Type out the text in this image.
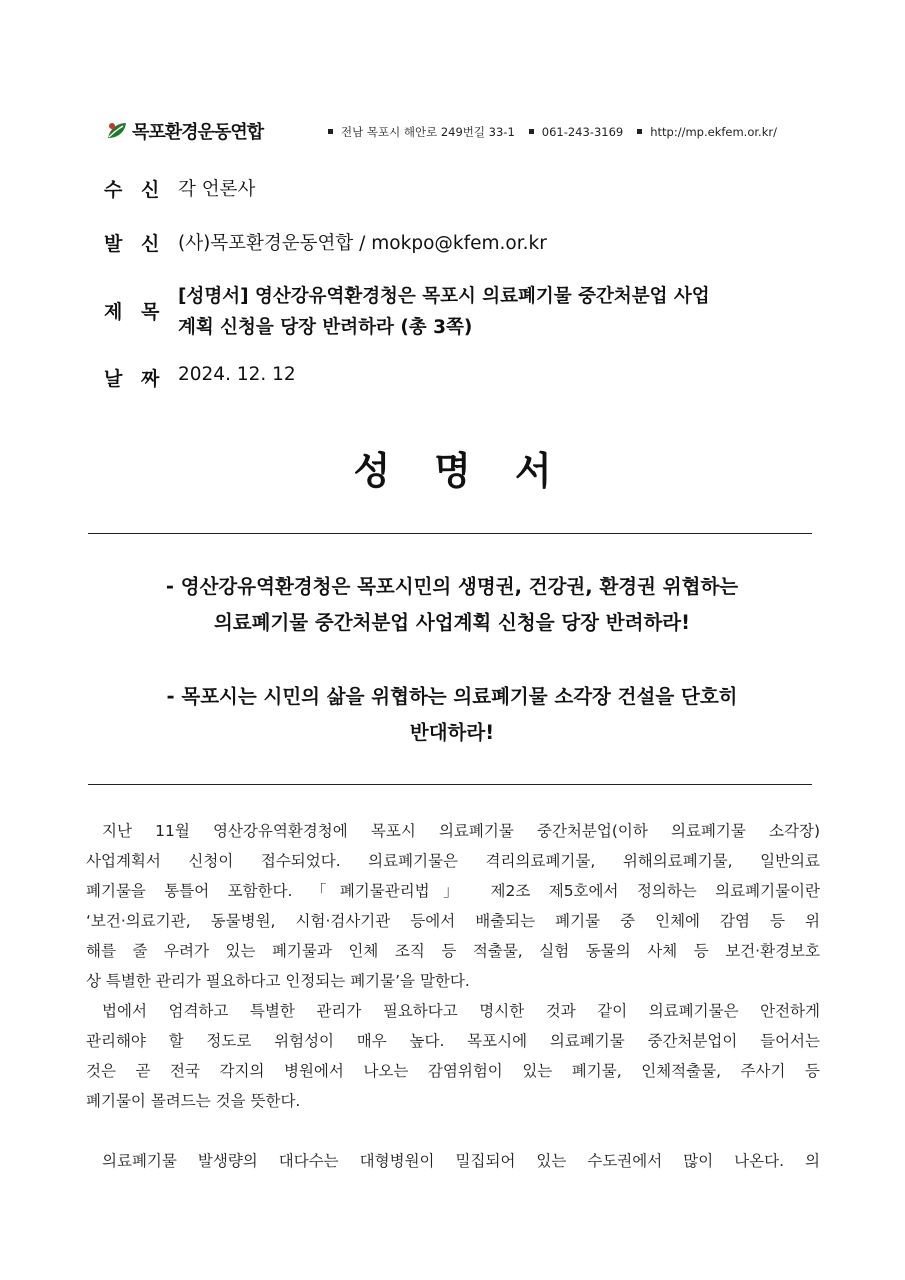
목포환경운동연합	전남 목포시 해안로 249번길 33-1 061-243-3169 http://mp.ekfem.or.kr/
수 신 각 언론사
발 신 (사)목포환경운동연합 / mokpo@kfem.or.kr
제 목
[성명서] 영산강유역환경청은 목포시 의료폐기물 중간처분업 사업
계획 신청을 당장 반려하라 (총 3쪽)
날 짜 2024. 12. 12
성명서
- 영산강유역환경청은 목포시민의 생명권, 건강권, 환경권 위협하는
의료폐기물 중간처분업 사업계획 신청을 당장 반려하라!
- 목포시는 시민의 삶을 위협하는 의료폐기물 소각장 건설을 단호히
반대하라!
지난 11월 영산강유역환경청에 목포시 의료폐기물 중간처분업(이하 의료폐기물 소각장)
사업계획서 신청이 접수되었다. 의료폐기물은 격리의료폐기물, 위해의료폐기물, 일반의료
폐기물을 통틀어 포함한다. 「폐기물관리법」 제2조 제5호에서 정의하는 의료폐기물이란
‘보건·의료기관, 동물병원, 시험·검사기관 등에서 배출되는 폐기물 중 인체에 감염 등 위
해를 줄 우려가 있는 폐기물과 인체 조직 등 적출물, 실험 동물의 사체 등 보건·환경보호
상 특별한 관리가 필요하다고 인정되는 폐기물’을 말한다.
법에서 엄격하고 특별한 관리가 필요하다고 명시한 것과 같이 의료폐기물은 안전하게
관리해야 할 정도로 위험성이 매우 높다. 목포시에 의료폐기물 중간처분업이 들어서는
것은 곧 전국 각지의 병원에서 나오는 감염위험이 있는 폐기물, 인체적출물, 주사기 등
폐기물이 몰려드는 것을 뜻한다.
의료폐기물 발생량의 대다수는 대형병원이 밀집되어 있는 수도권에서 많이 나온다. 의
